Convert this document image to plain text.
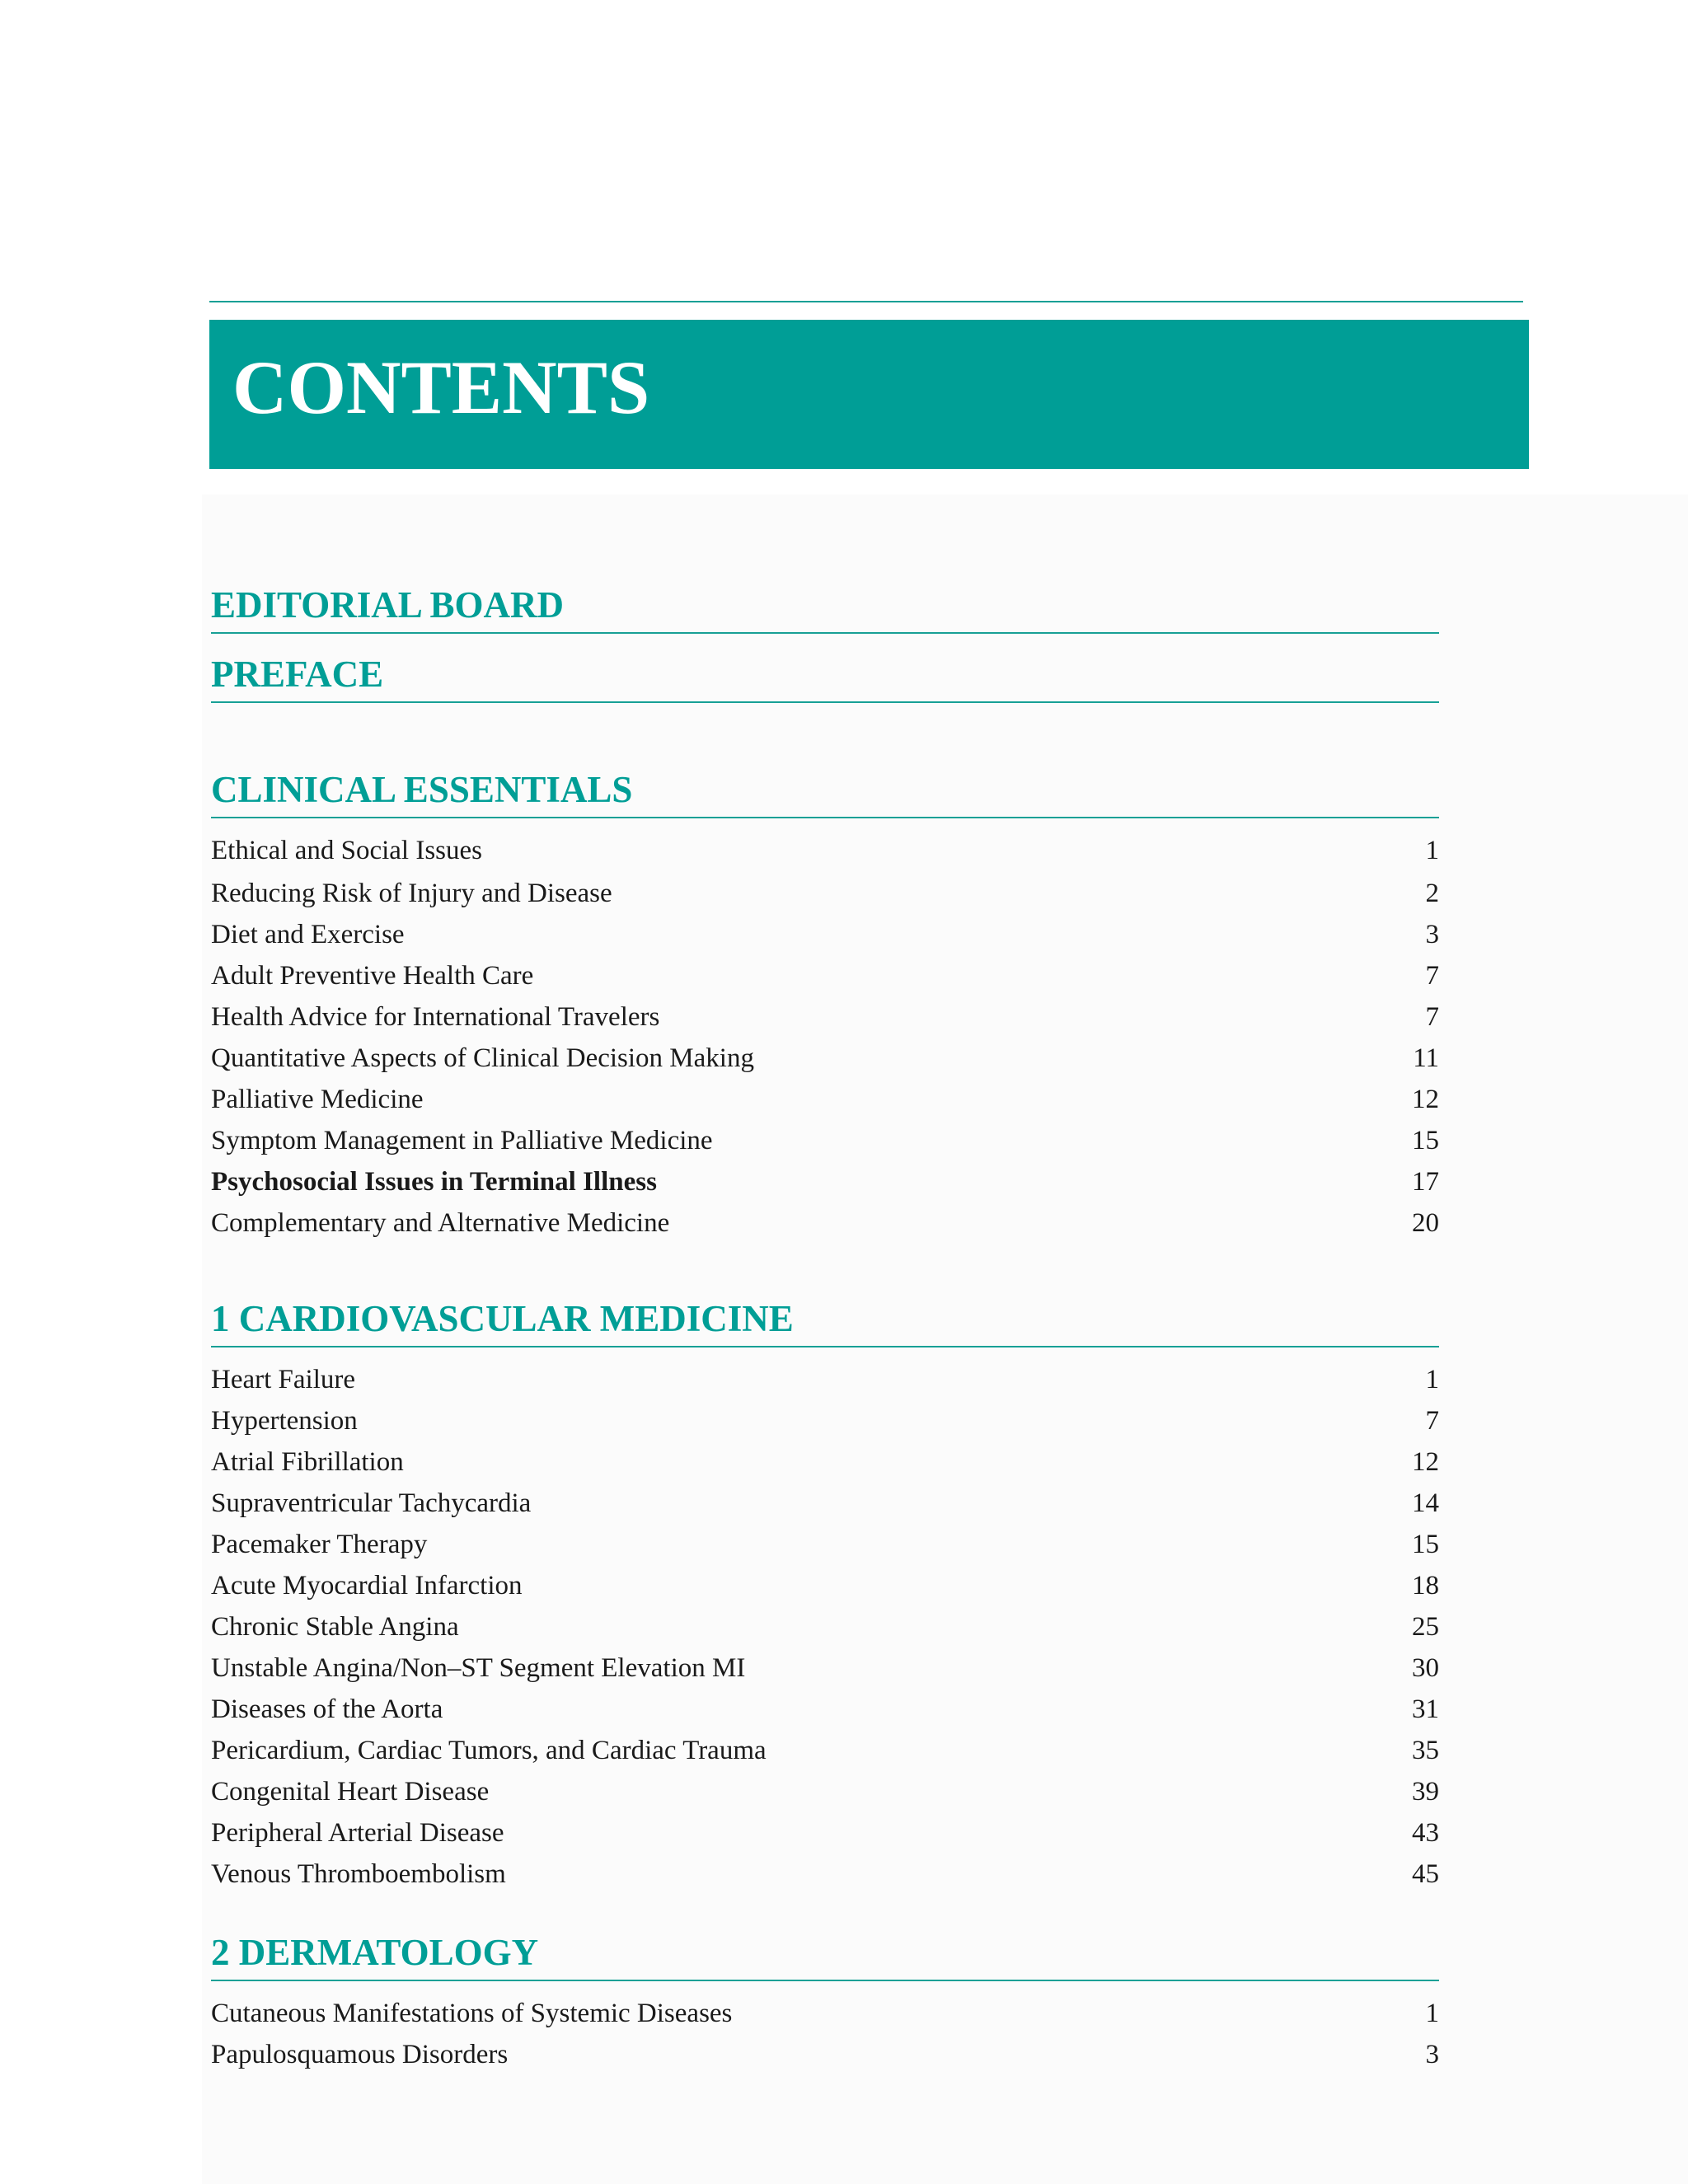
CONTENTS
EDITORIAL BOARD
PREFACE
CLINICAL ESSENTIALS
Ethical and Social Issues	1
Reducing Risk of Injury and Disease	2
Diet and Exercise	3
Adult Preventive Health Care	7
Health Advice for International Travelers	7
Quantitative Aspects of Clinical Decision Making	11
Palliative Medicine	12
Symptom Management in Palliative Medicine	15
Psychosocial Issues in Terminal Illness	17
Complementary and Alternative Medicine	20
1 CARDIOVASCULAR MEDICINE
Heart Failure	1
Hypertension	7
Atrial Fibrillation	12
Supraventricular Tachycardia	14
Pacemaker Therapy	15
Acute Myocardial Infarction	18
Chronic Stable Angina	25
Unstable Angina/Non–ST Segment Elevation MI	30
Diseases of the Aorta	31
Pericardium, Cardiac Tumors, and Cardiac Trauma	35
Congenital Heart Disease	39
Peripheral Arterial Disease	43
Venous Thromboembolism	45
2 DERMATOLOGY
Cutaneous Manifestations of Systemic Diseases	1
Papulosquamous Disorders	3
